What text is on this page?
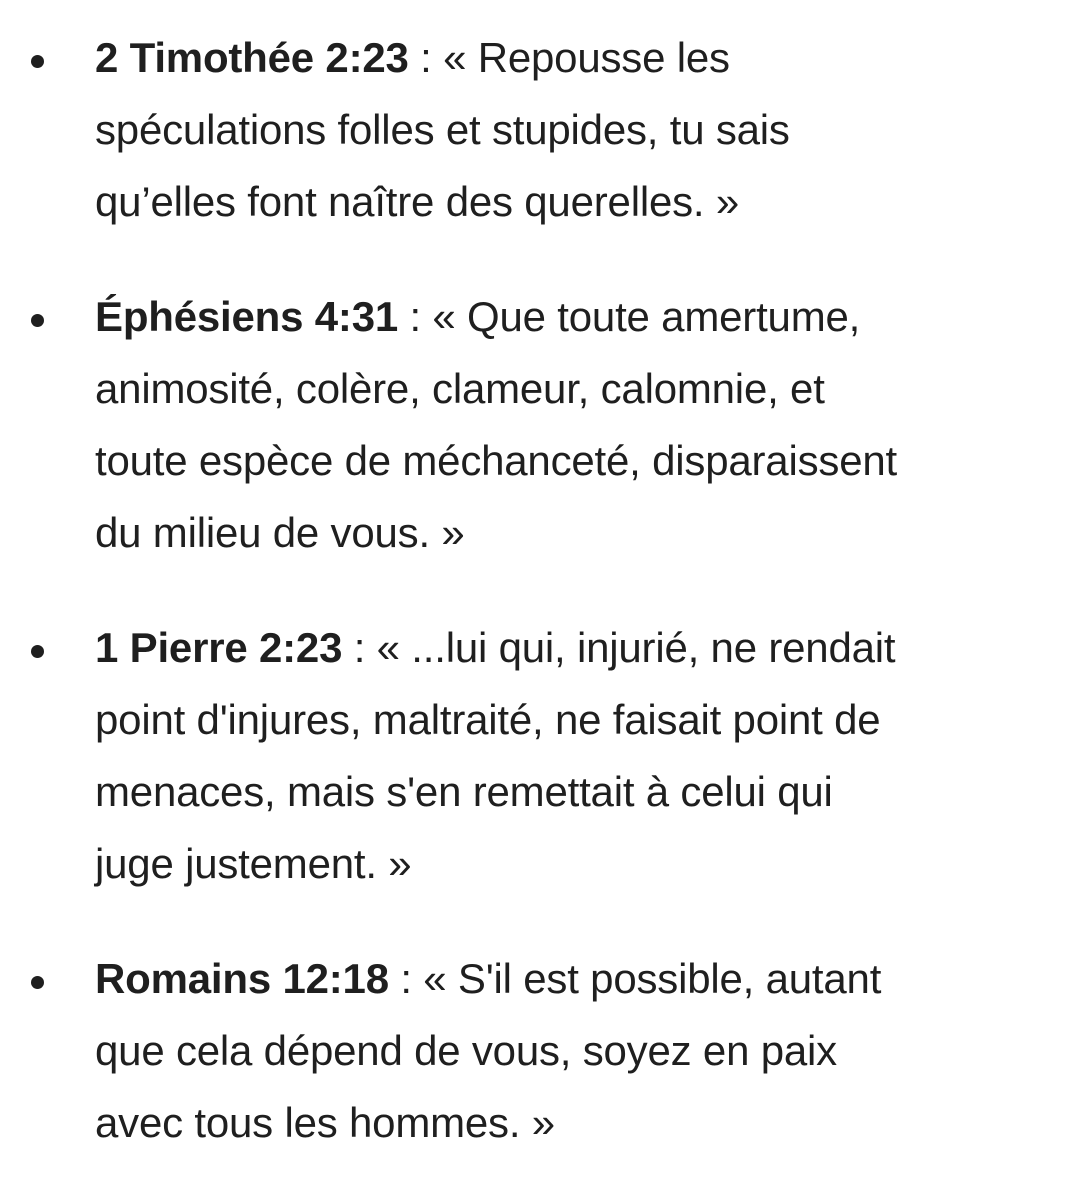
2 Timothée 2:23 : « Repousse les
spéculations folles et stupides, tu sais
qu’elles font naître des querelles. »
Éphésiens 4:31 : « Que toute amertume,
animosité, colère, clameur, calomnie, et
toute espèce de méchanceté, disparaissent
du milieu de vous. »
1 Pierre 2:23 : « ...lui qui, injurié, ne rendait
point d'injures, maltraité, ne faisait point de
menaces, mais s'en remettait à celui qui
juge justement. »
Romains 12:18 : « S'il est possible, autant
que cela dépend de vous, soyez en paix
avec tous les hommes. »
